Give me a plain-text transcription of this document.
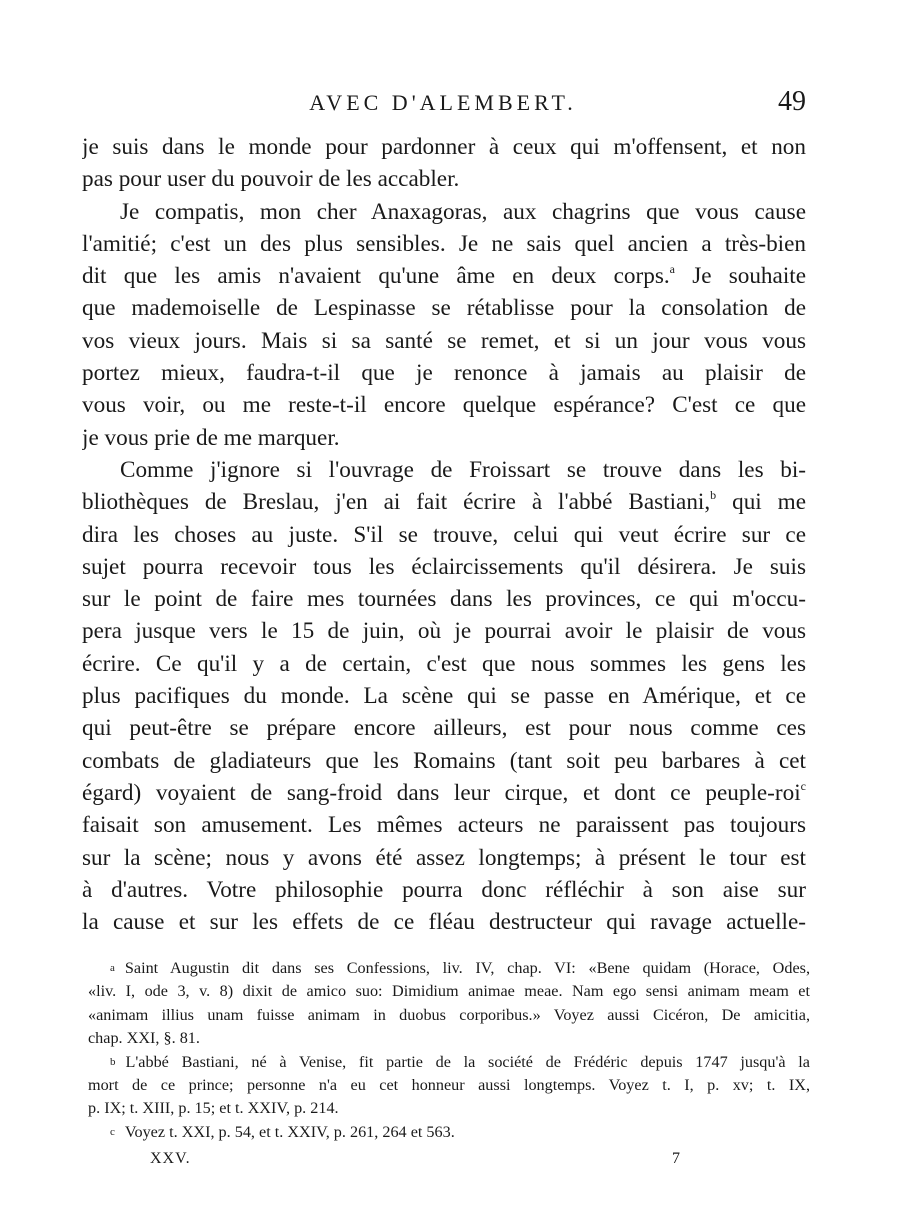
AVEC D'ALEMBERT.	49
je suis dans le monde pour pardonner à ceux qui m'offensent, et non
pas pour user du pouvoir de les accabler.
Je compatis, mon cher Anaxagoras, aux chagrins que vous cause
l'amitié; c'est un des plus sensibles. Je ne sais quel ancien a très-bien
dit que les amis n'avaient qu'une âme en deux corps.$^a$ Je souhaite
que mademoiselle de Lespinasse se rétablisse pour la consolation de
vos vieux jours. Mais si sa santé se remet, et si un jour vous vous
portez mieux, faudra-t-il que je renonce à jamais au plaisir de
vous voir, ou me reste-t-il encore quelque espérance? C'est ce que
je vous prie de me marquer.
Comme j'ignore si l'ouvrage de Froissart se trouve dans les bi-
bliothèques de Breslau, j'en ai fait écrire à l'abbé Bastiani,$^b$ qui me
dira les choses au juste. S'il se trouve, celui qui veut écrire sur ce
sujet pourra recevoir tous les éclaircissements qu'il désirera. Je suis
sur le point de faire mes tournées dans les provinces, ce qui m'occu-
pera jusque vers le 15 de juin, où je pourrai avoir le plaisir de vous
écrire. Ce qu'il y a de certain, c'est que nous sommes les gens les
plus pacifiques du monde. La scène qui se passe en Amérique, et ce
qui peut-être se prépare encore ailleurs, est pour nous comme ces
combats de gladiateurs que les Romains (tant soit peu barbares à cet
égard) voyaient de sang-froid dans leur cirque, et dont ce peuple-roi$^c$
faisait son amusement. Les mêmes acteurs ne paraissent pas toujours
sur la scène; nous y avons été assez longtemps; à présent le tour est
à d'autres. Votre philosophie pourra donc réfléchir à son aise sur
la cause et sur les effets de ce fléau destructeur qui ravage actuelle-
a Saint Augustin dit dans ses Confessions, liv. IV, chap. VI: «Bene quidam (Horace, Odes,
«liv. I, ode 3, v. 8) dixit de amico suo: Dimidium animae meae. Nam ego sensi animam meam et
«animam illius unam fuisse animam in duobus corporibus.» Voyez aussi Cicéron, De amicitia,
chap. XXI, §. 81.
b L'abbé Bastiani, né à Venise, fit partie de la société de Frédéric depuis 1747 jusqu'à la
mort de ce prince; personne n'a eu cet honneur aussi longtemps. Voyez t. I, p. xv; t. IX,
p. IX; t. XIII, p. 15; et t. XXIV, p. 214.
c Voyez t. XXI, p. 54, et t. XXIV, p. 261, 264 et 563.
XXV.	7
